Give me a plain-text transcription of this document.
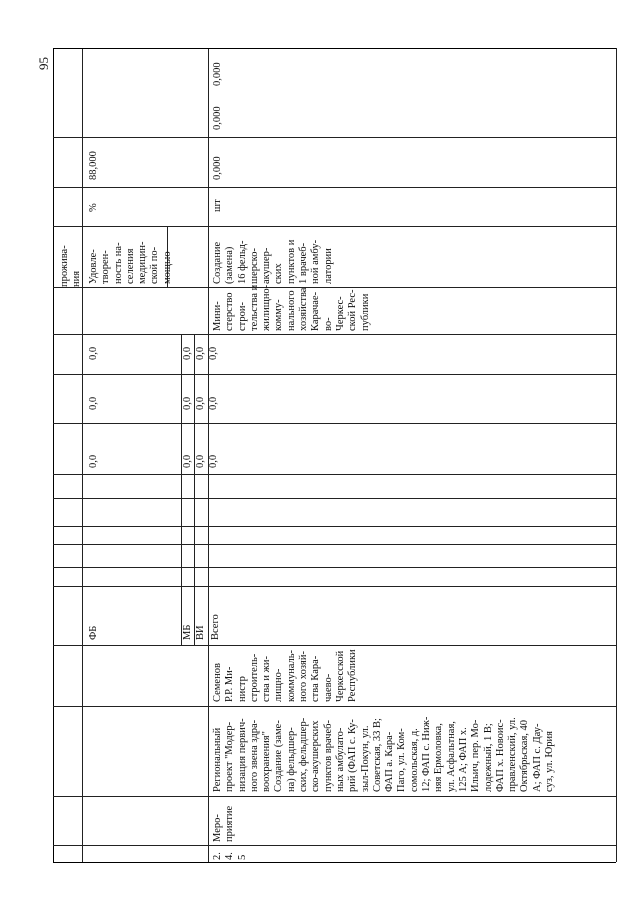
95
прожива-
ния Удовле-
творен-
ность на-
селения
медицин-
ской по-
мощью
%
88,000	0,000
0,000
0,000
Создание
(замена)
16 фельд-
шерско-
акушер-
ских
пунктов и
1 врачеб-
ной амбу-
латории
шт
Мини-
стерство
строи-
тельства и
жилищно-
комму-
нального
хозяйства
Карачае-
во-
Черкес-
ской Рес-
публики
0,0
0,0
0,0
ФБ
0,0
0,0
0,0
МБ
0,0
0,0
0,0
ВИ
0,0
0,0
0,0
Всего
Семенов
Р.Р. Ми-
нистр
строитель-
ства и жи-
лищно-
коммуналь-
ного хозяй-
ства Кара-
чаево-
Черкесской
Республики
Региональный
проект "Модер-
низация первич-
ного звена здра-
воохранения"
Создание (заме-
на) фельдшер-
ских, фельдшер-
ско-акушерских
пунктов врачеб-
ных амбулато-
рий (ФАП с. Ку-
зыл-Покун, ул.
Советская, 33 В;
ФАП а. Кара-
Паго, ул. Ком-
сомольская, д.
12; ФАП с. Ниж-
няя Ермоловка,
ул. Асфальтная,
125 А; ФАП х.
Ильич, пер. Мо-
лодежный, 1 В;
ФАП х. Новоис-
правленский, ул.
Октябрьская, 40
А; ФАП с. Дау-
суз, ул. Юрия
Меро-
приятие
2.
4.
5
